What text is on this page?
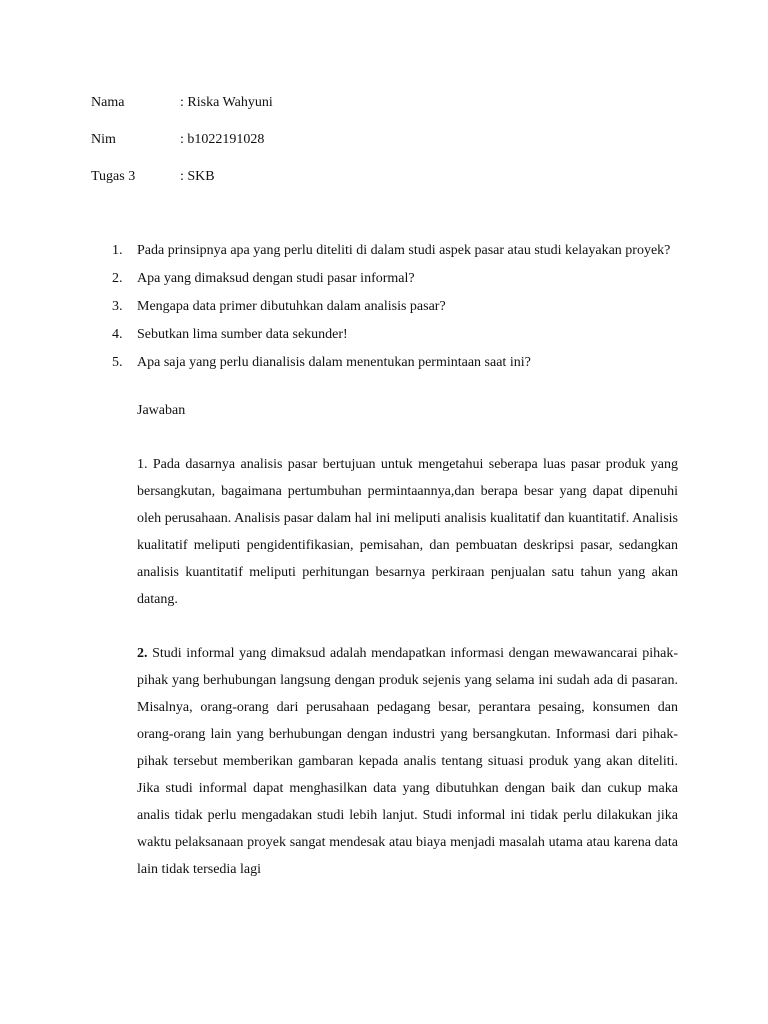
Nama	: Riska Wahyuni
Nim	: b1022191028
Tugas 3	: SKB
1. Pada prinsipnya apa yang perlu diteliti di dalam studi aspek pasar atau studi kelayakan proyek?
2. Apa yang dimaksud dengan studi pasar informal?
3. Mengapa data primer dibutuhkan dalam analisis pasar?
4. Sebutkan lima sumber data sekunder!
5. Apa saja yang perlu dianalisis dalam menentukan permintaan saat ini?
Jawaban

1. Pada dasarnya analisis pasar bertujuan untuk mengetahui seberapa luas pasar produk yang bersangkutan, bagaimana pertumbuhan permintaannya,dan berapa besar yang dapat dipenuhi oleh perusahaan. Analisis pasar dalam hal ini meliputi analisis kualitatif dan kuantitatif. Analisis kualitatif meliputi pengidentifikasian, pemisahan, dan pembuatan deskripsi pasar, sedangkan analisis kuantitatif meliputi perhitungan besarnya perkiraan penjualan satu tahun yang akan datang.

2. Studi informal yang dimaksud adalah mendapatkan informasi dengan mewawancarai pihak-pihak yang berhubungan langsung dengan produk sejenis yang selama ini sudah ada di pasaran. Misalnya, orang-orang dari perusahaan pedagang besar, perantara pesaing, konsumen dan orang-orang lain yang berhubungan dengan industri yang bersangkutan. Informasi dari pihak-pihak tersebut memberikan gambaran kepada analis tentang situasi produk yang akan diteliti. Jika studi informal dapat menghasilkan data yang dibutuhkan dengan baik dan cukup maka analis tidak perlu mengadakan studi lebih lanjut. Studi informal ini tidak perlu dilakukan jika waktu pelaksanaan proyek sangat mendesak atau biaya menjadi masalah utama atau karena data lain tidak tersedia lagi
